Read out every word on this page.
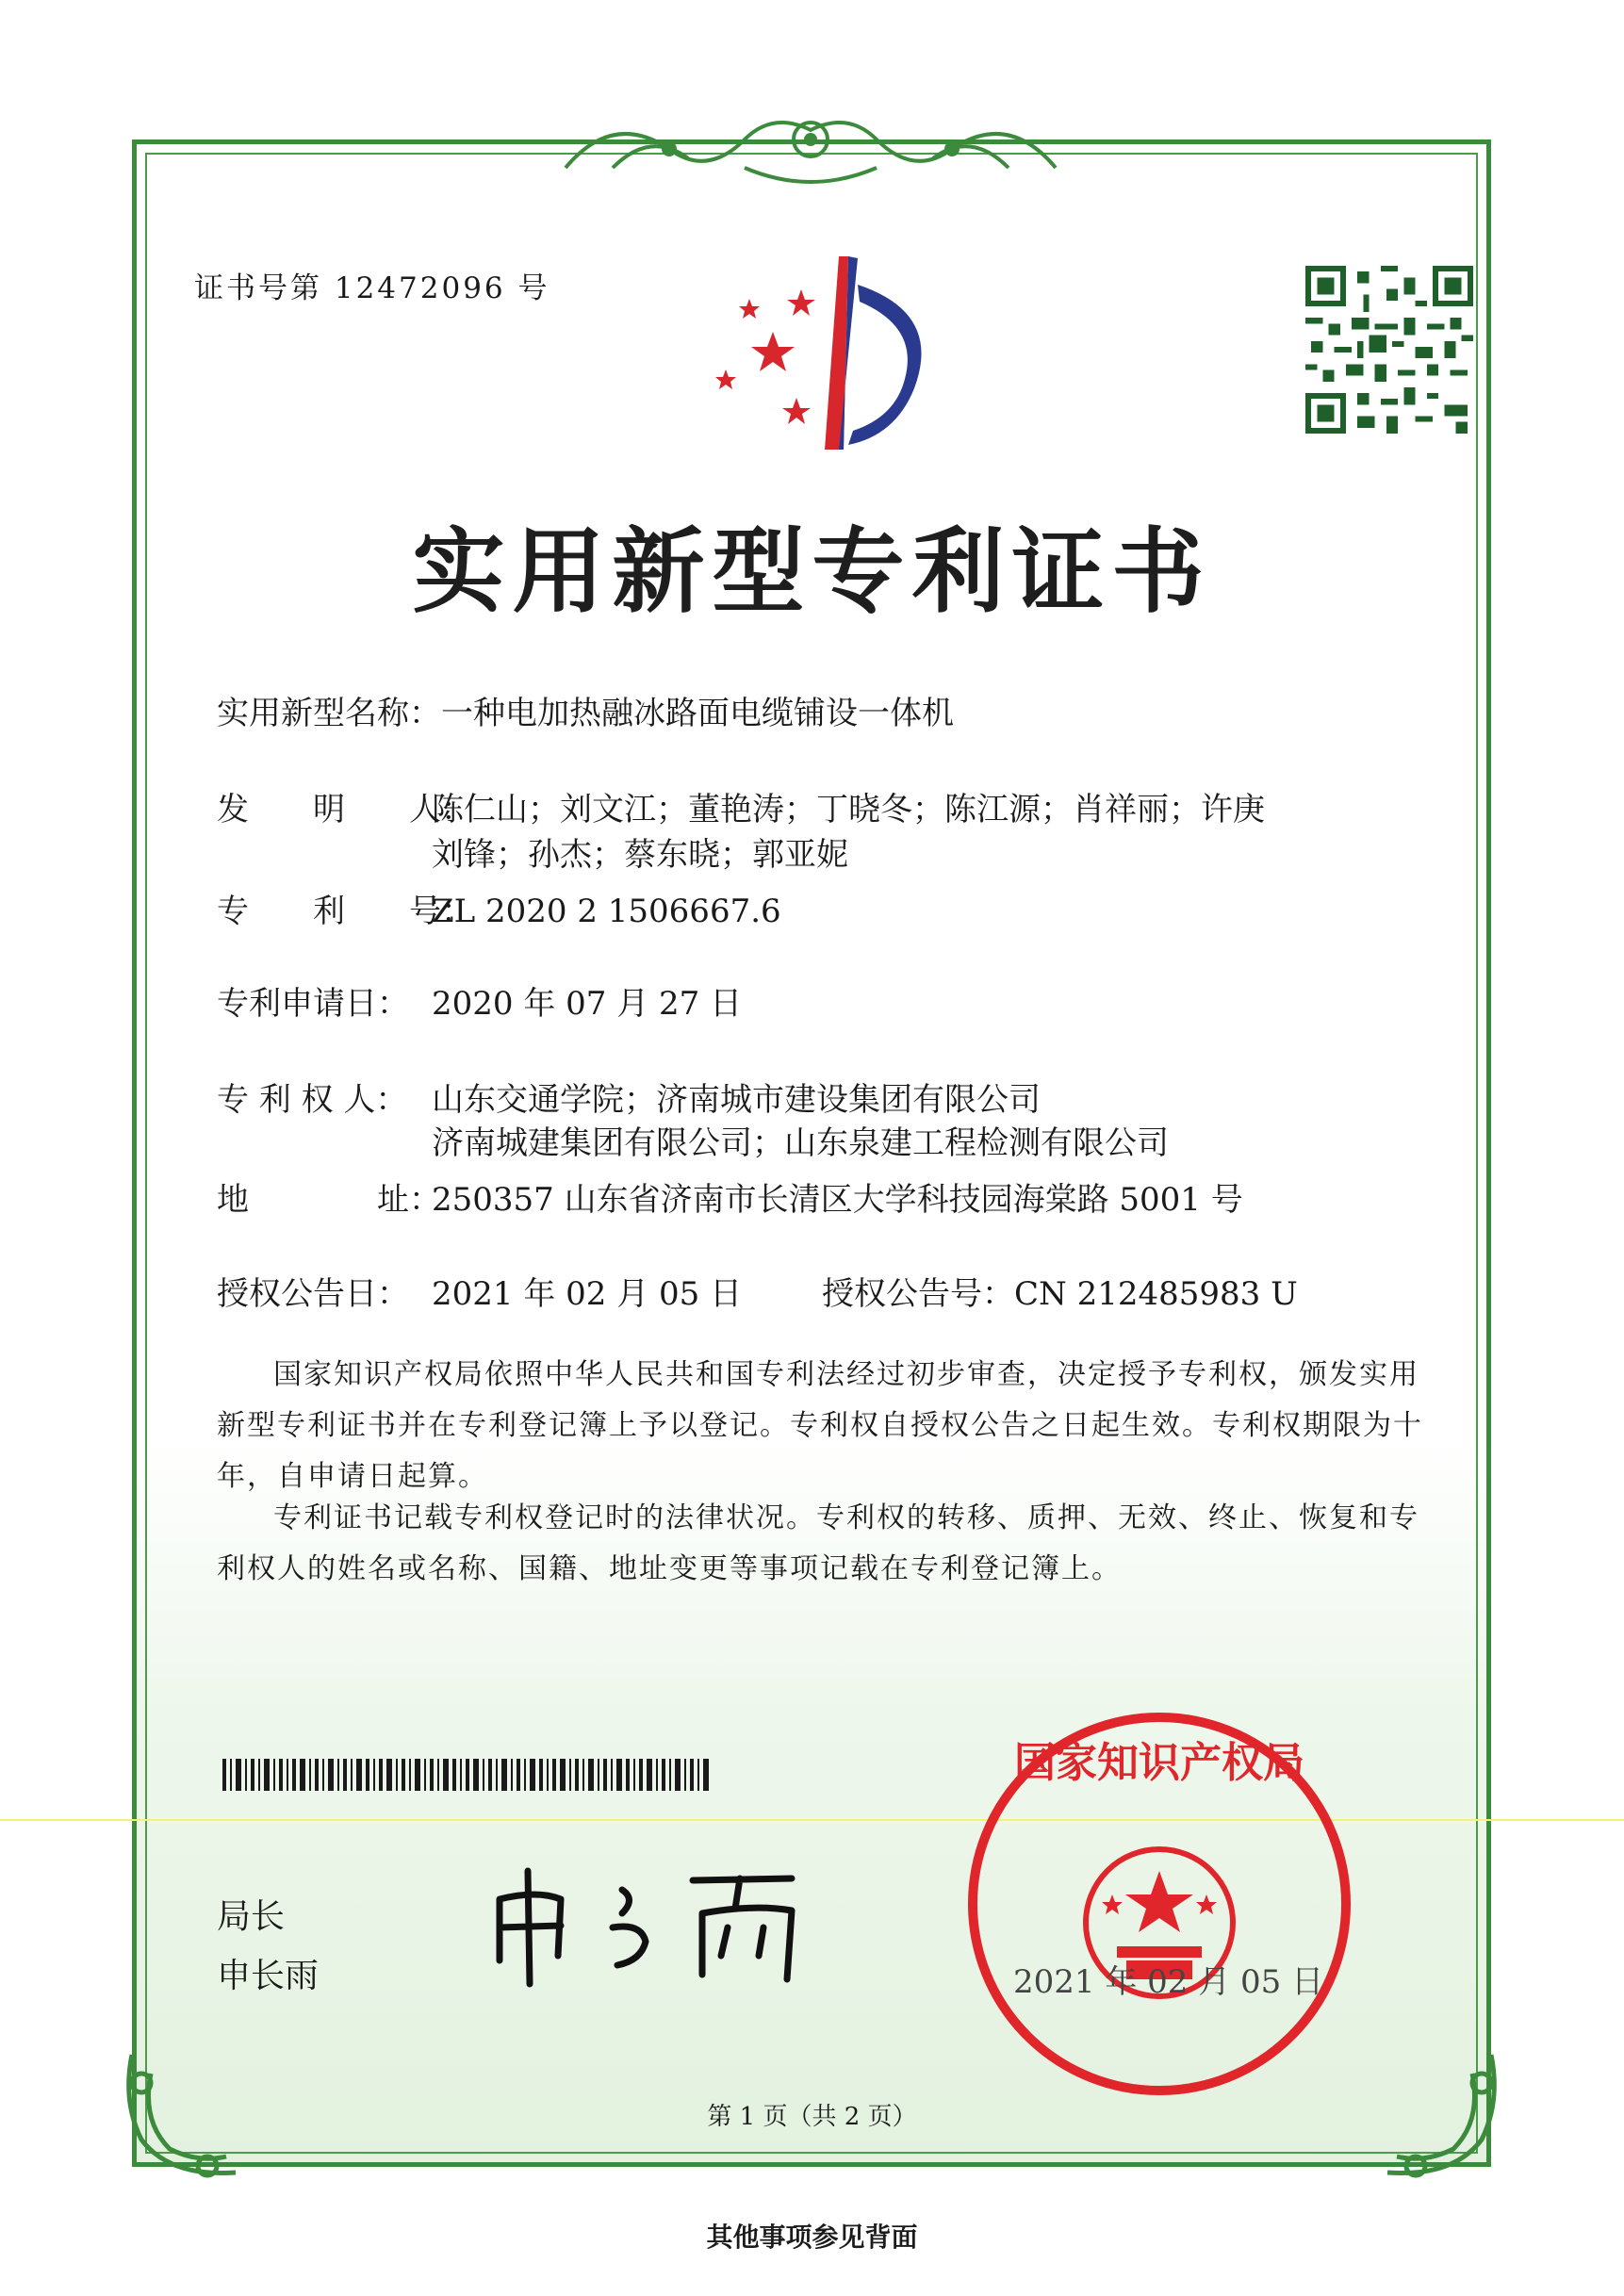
证书号第 12472096 号
实用新型专利证书
实用新型名称：一种电加热融冰路面电缆铺设一体机
发　　明　　人：陈仁山；刘文江；董艳涛；丁晓冬；陈江源；肖祥丽；许庚
刘锋；孙杰；蔡东晓；郭亚妮
专　　利　　号：ZL 2020 2 1506667.6
专利申请日： 2020 年 07 月 27 日
专 利 权 人： 山东交通学院；济南城市建设集团有限公司
济南城建集团有限公司；山东泉建工程检测有限公司
地　　　　址：250357 山东省济南市长清区大学科技园海棠路 5001 号
授权公告日： 2021 年 02 月 05 日 授权公告号：CN 212485983 U
国家知识产权局依照中华人民共和国专利法经过初步审查，决定授予专利权，颁发实用新型专利证书并在专利登记簿上予以登记。专利权自授权公告之日起生效。专利权期限为十年，自申请日起算。
专利证书记载专利权登记时的法律状况。专利权的转移、质押、无效、终止、恢复和专利权人的姓名或名称、国籍、地址变更等事项记载在专利登记簿上。
局长
申长雨
国家知识产权局
2021 年 02 月 05 日
第 1 页（共 2 页）
其他事项参见背面
